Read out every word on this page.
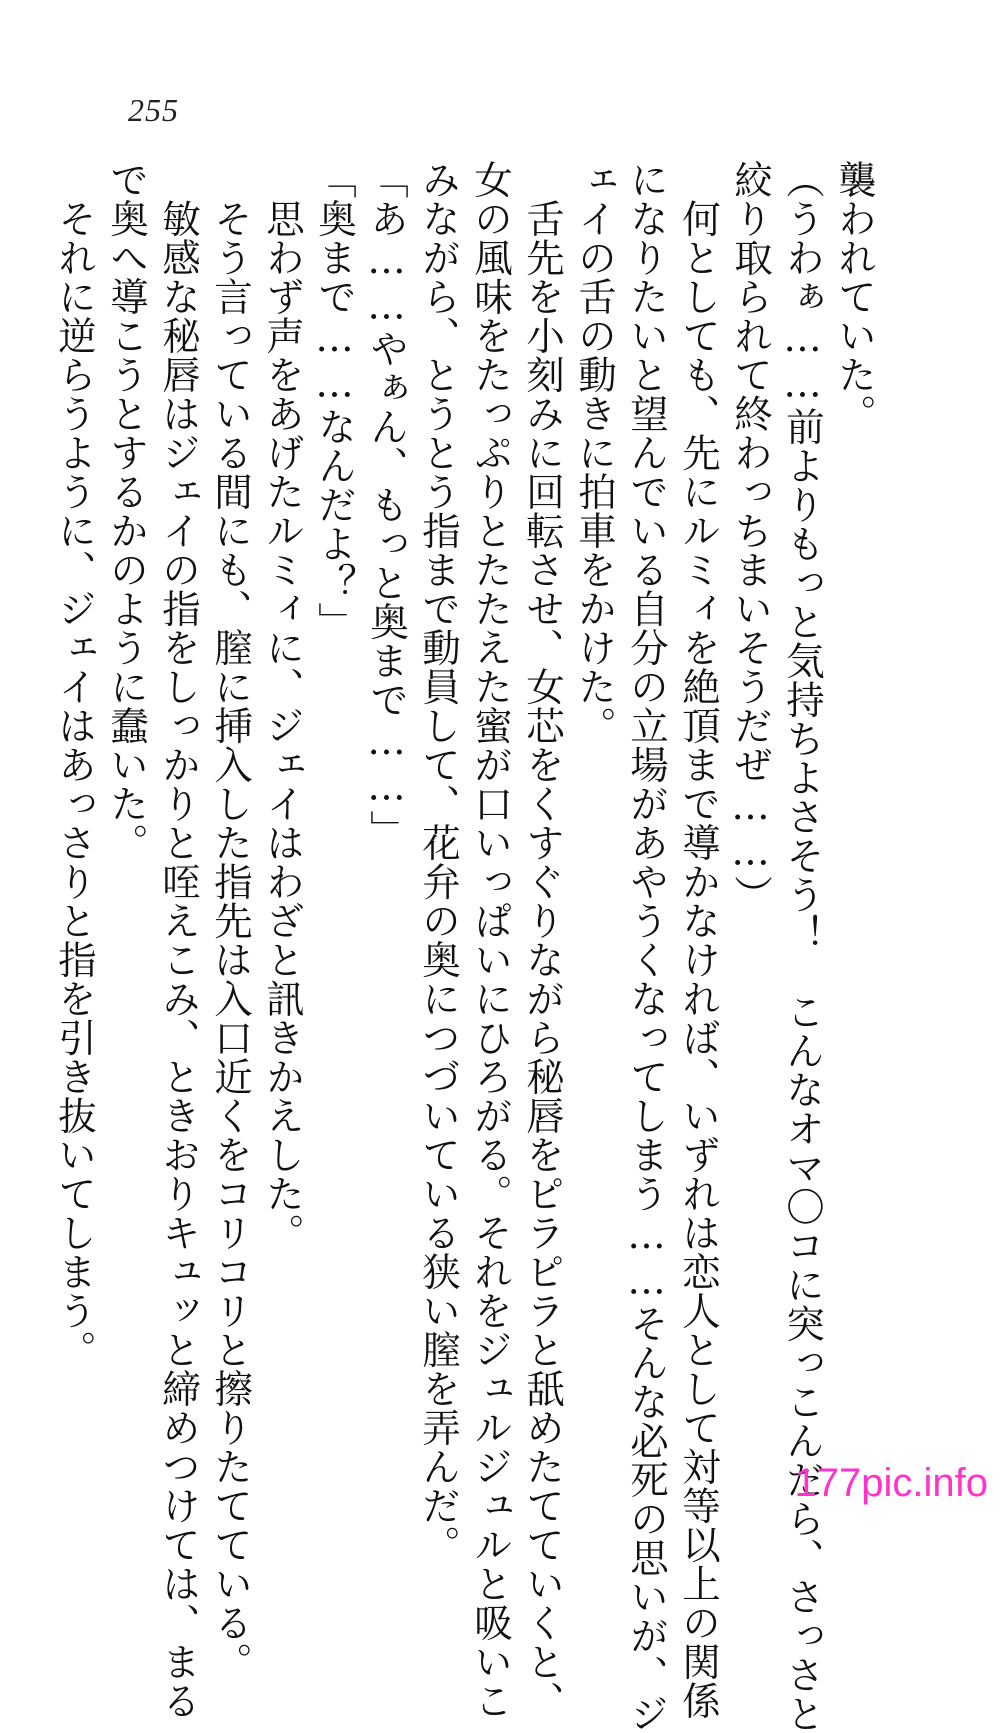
255
襲われていた。
（うわぁ……前よりもっと気持ちよさそう！　こんなオマ〇コに突っこんだら、さっさと
絞り取られて終わっちまいそうだぜ……）
　何としても、先にルミィを絶頂まで導かなければ、いずれは恋人として対等以上の関係
になりたいと望んでいる自分の立場があやうくなってしまう……そんな必死の思いが、ジ
ェイの舌の動きに拍車をかけた。
　舌先を小刻みに回転させ、女芯をくすぐりながら秘唇をピラピラと舐めたてていくと、
女の風味をたっぷりとたたえた蜜が口いっぱいにひろがる。それをジュルジュルと吸いこ
みながら、とうとう指まで動員して、花弁の奥につづいている狭い膣を弄んだ。
「あ……やぁん、もっと奥まで……」
「奥まで……なんだよ？」
　思わず声をあげたルミィに、ジェイはわざと訊きかえした。
　そう言っている間にも、膣に挿入した指先は入口近くをコリコリと擦りたてている。
　敏感な秘唇はジェイの指をしっかりと咥えこみ、ときおりキュッと締めつけては、まる
で奥へ導こうとするかのように蠢いた。
　それに逆らうように、ジェイはあっさりと指を引き抜いてしまう。
177pic.info
